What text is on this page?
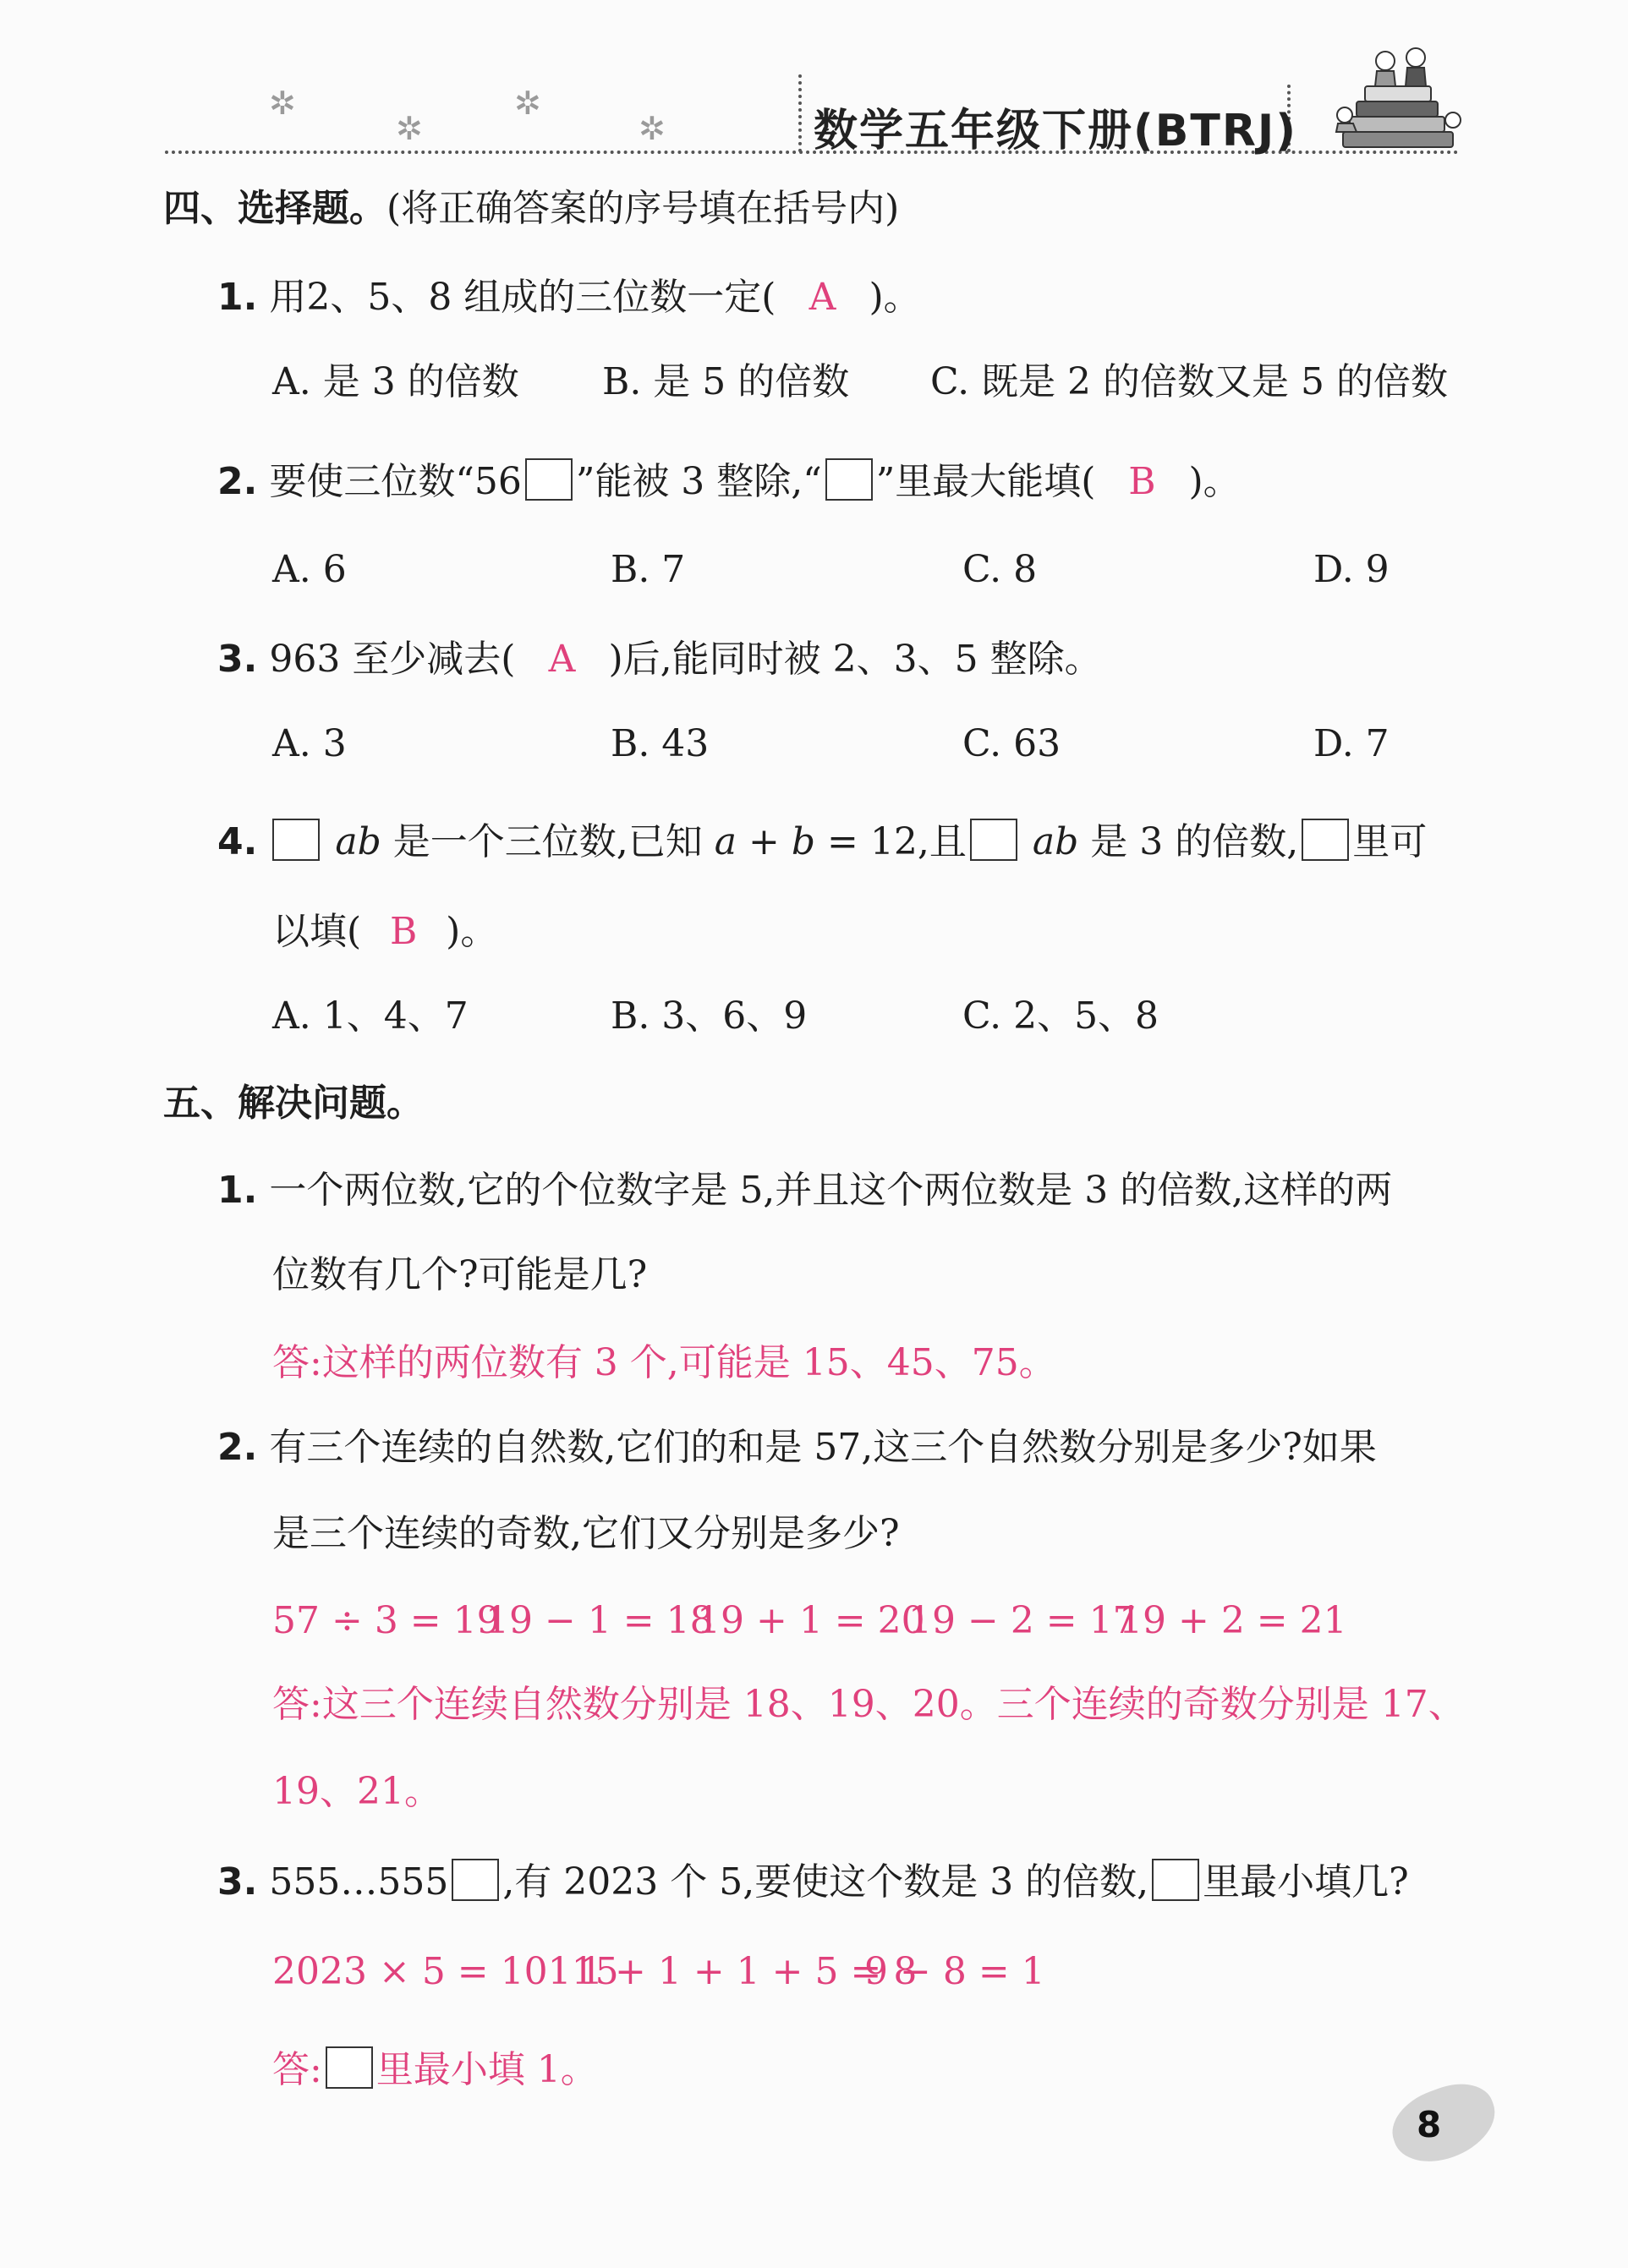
✲
✲
✲
✲	数学五年级下册(BTRJ)
四、选择题。(将正确答案的序号填在括号内)
1. 用2、5、8 组成的三位数一定( A )。
A. 是 3 的倍数 B. 是 5 的倍数 C. 既是 2 的倍数又是 5 的倍数
2. 要使三位数“56 ”能被 3 整除,“ ”里最大能填( B )。
A. 6	B. 7	C. 8	D. 9
3. 963 至少减去( A )后,能同时被 2、3、5 整除。
A. 3	B. 43	C. 63	D. 7
4. ab 是一个三位数,已知 a + b = 12,且 ab 是 3 的倍数, 里可
以填( B )。
A. 1、4、7	B. 3、6、9	C. 2、5、8
五、解决问题。
1. 一个两位数,它的个位数字是 5,并且这个两位数是 3 的倍数,这样的两
位数有几个?可能是几?
答:这样的两位数有 3 个,可能是 15、45、75。
2. 有三个连续的自然数,它们的和是 57,这三个自然数分别是多少?如果
是三个连续的奇数,它们又分别是多少?
57 ÷ 3 = 19
19 − 1 = 18
19 + 1 = 20
19 − 2 = 17
19 + 2 = 21
答:这三个连续自然数分别是 18、19、20。三个连续的奇数分别是 17、
19、21。
3. 555…555 ,有 2023 个 5,要使这个数是 3 的倍数, 里最小填几?
2023 × 5 = 10115
1 + 1 + 1 + 5 = 8
9 − 8 = 1
答: 里最小填 1。
8
